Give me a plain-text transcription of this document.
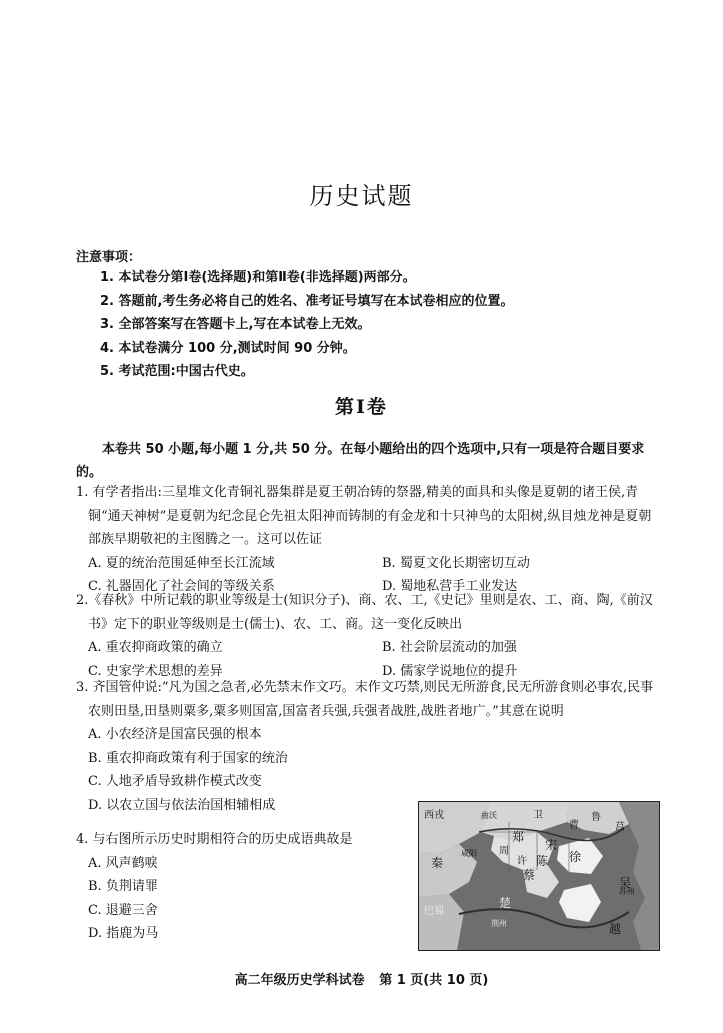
历史试题
注意事项：
1. 本试卷分第Ⅰ卷(选择题)和第Ⅱ卷(非选择题)两部分。
2. 答题前,考生务必将自己的姓名、准考证号填写在本试卷相应的位置。
3. 全部答案写在答题卡上,写在本试卷上无效。
4. 本试卷满分 100 分,测试时间 90 分钟。
5. 考试范围:中国古代史。
第Ⅰ卷
本卷共 50 小题,每小题 1 分,共 50 分。在每小题给出的四个选项中,只有一项是符合题目要求的。
1. 有学者指出:三星堆文化青铜礼器集群是夏王朝冶铸的祭器,精美的面具和头像是夏朝的诸王侯,青铜“通天神树”是夏朝为纪念昆仑先祖太阳神而铸制的有金龙和十只神鸟的太阳树,纵目烛龙神是夏朝部族早期敬祀的主图腾之一。这可以佐证
A. 夏的统治范围延伸至长江流域	B. 蜀夏文化长期密切互动
C. 礼器固化了社会间的等级关系	D. 蜀地私营手工业发达
2.《春秋》中所记载的职业等级是士(知识分子)、商、农、工,《史记》里则是农、工、商、陶,《前汉书》定下的职业等级则是士(儒士)、农、工、商。这一变化反映出
A. 重农抑商政策的确立	B. 社会阶层流动的加强
C. 史家学术思想的差异	D. 儒家学说地位的提升
3. 齐国管仲说:“凡为国之急者,必先禁末作文巧。末作文巧禁,则民无所游食,民无所游食则必事农,民事农则田垦,田垦则粟多,粟多则国富,国富者兵强,兵强者战胜,战胜者地广。”其意在说明
A. 小农经济是国富民强的根本
B. 重农抑商政策有利于国家的统治
C. 人地矛盾导致耕作模式改变
D. 以农立国与依法治国相辅相成
4. 与右图所示历史时期相符合的历史成语典故是
A. 风声鹤唳
B. 负荆请罪
C. 退避三舍
D. 指鹿为马
西戎	曲沃	卫
曹
鲁
莒
郑
宋
周
许 陈 徐
秦
咸阳
蔡
吴
巴蜀
楚
荆州	越
苏州
高二年级历史学科试卷 第 1 页(共 10 页)
